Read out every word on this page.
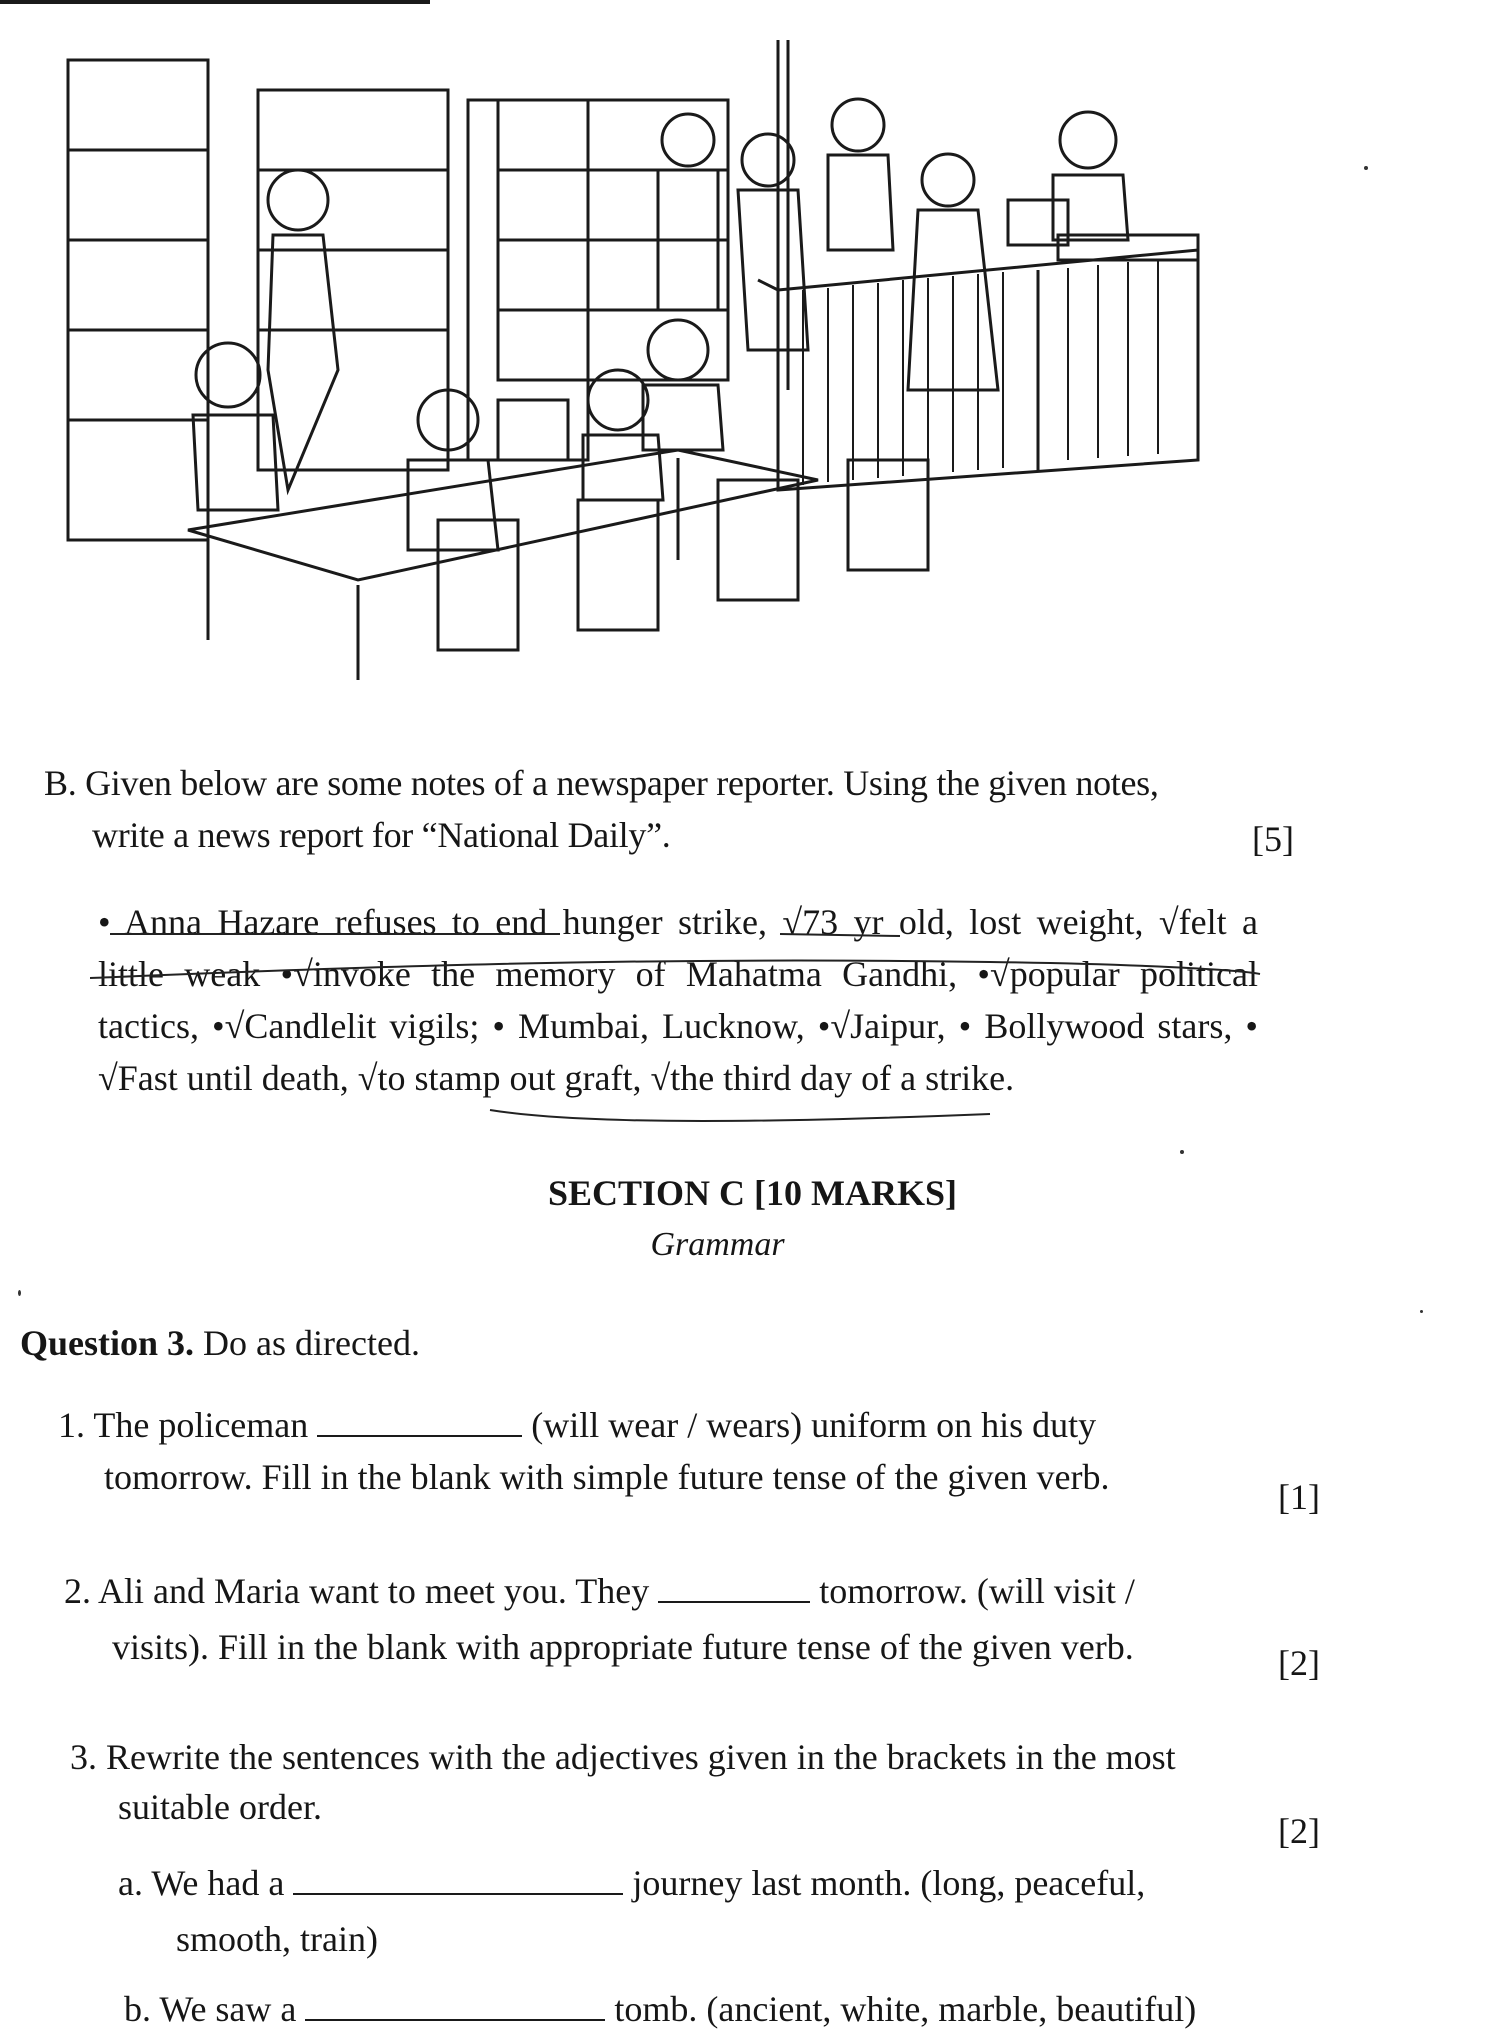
B. Given below are some notes of a newspaper reporter. Using the given notes,
write a news report for “National Daily”.	[5]
• Anna Hazare refuses to end hunger strike, √73 yr old, lost weight, √felt a
little weak •√invoke the memory of Mahatma Gandhi, •√popular political
tactics, •√Candlelit vigils; • Mumbai, Lucknow, •√Jaipur, • Bollywood stars, •
√Fast until death, √to stamp out graft, √the third day of a strike.
SECTION C [10 MARKS]
Grammar
Question 3. Do as directed.
1. The policeman	(will wear / wears) uniform on his duty
tomorrow. Fill in the blank with simple future tense of the given verb.	[1]
2. Ali and Maria want to meet you. They	tomorrow. (will visit /
visits). Fill in the blank with appropriate future tense of the given verb.	[2]
3. Rewrite the sentences with the adjectives given in the brackets in the most
suitable order.
[2]
a. We had a	journey last month. (long, peaceful,
smooth, train)
b. We saw a	tomb. (ancient, white, marble, beautiful)
